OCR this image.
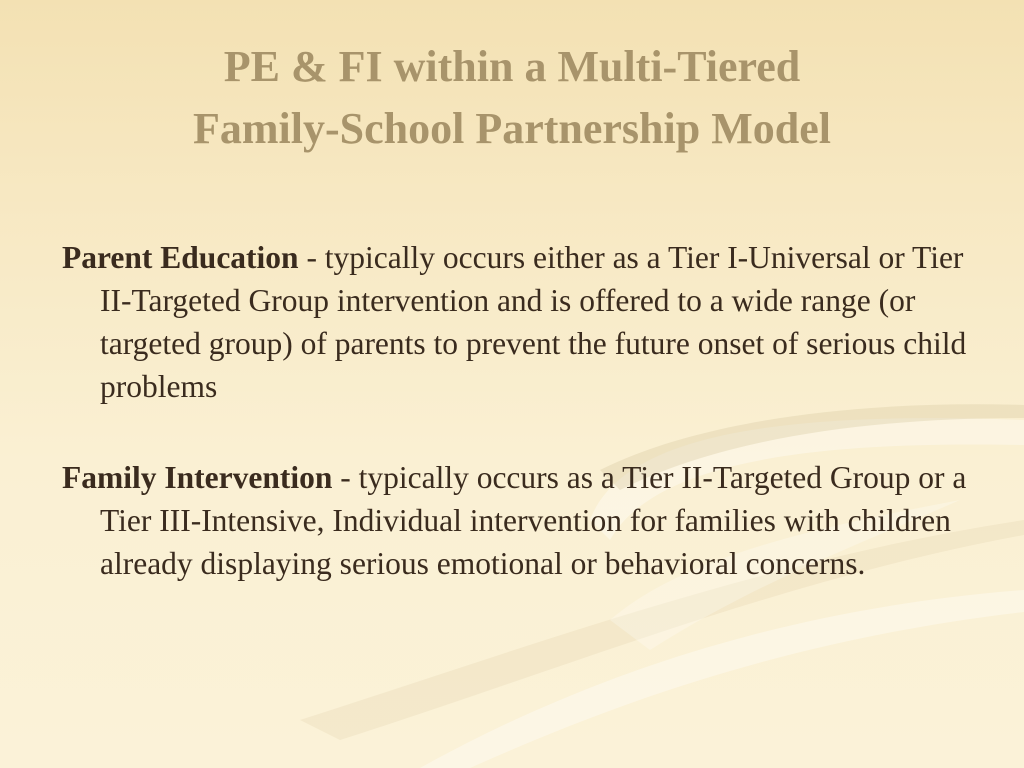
PE & FI within a Multi-Tiered
Family-School Partnership Model

Parent Education - typically occurs either as a Tier I-Universal or Tier II-Targeted Group intervention and is offered to a wide range (or targeted group) of parents to prevent the future onset of serious child problems

Family Intervention - typically occurs as a Tier II-Targeted Group or a Tier III-Intensive, Individual intervention for families with children already displaying serious emotional or behavioral concerns.
